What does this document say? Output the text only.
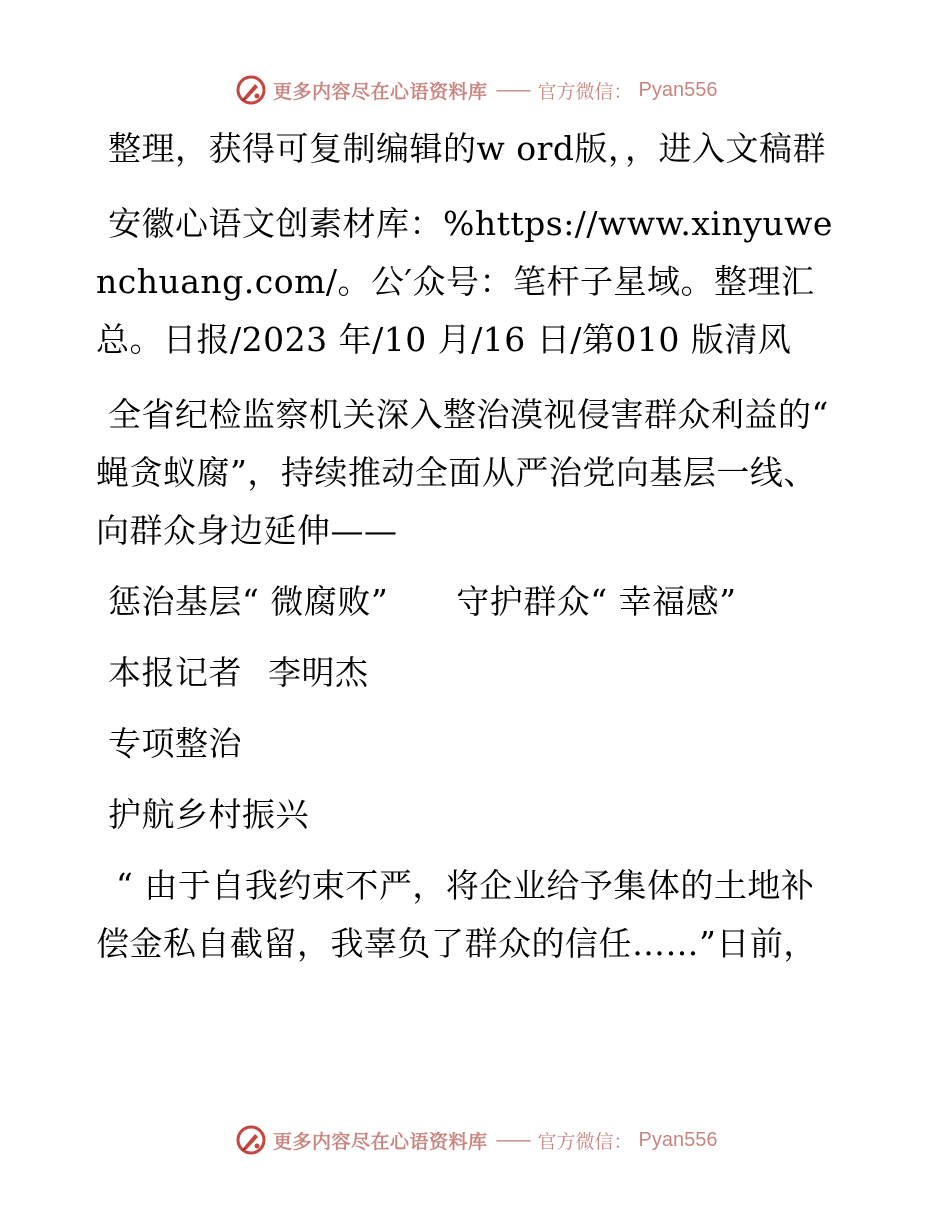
更多内容尽在心语资料库 —— 官方微信： Pyan556

整理，获得可复制编辑的w ord版，，进入文稿群

安徽心语文创素材库：%https://www.xinyuwenchuang.com/。公′众号：笔杆子星域。整理汇总。日报/2023 年/10 月/16 日/第010 版清风

全省纪检监察机关深入整治漠视侵害群众利益的“ 蝇贪蚁腐”，持续推动全面从严治党向基层一线、向群众身边延伸——

惩治基层“ 微腐败” 守护群众“ 幸福感”

本报记者 李明杰

专项整治

护航乡村振兴

“ 由于自我约束不严，将企业给予集体的土地补偿金私自截留，我辜负了群众的信任……”日前，

更多内容尽在心语资料库 —— 官方微信： Pyan556
